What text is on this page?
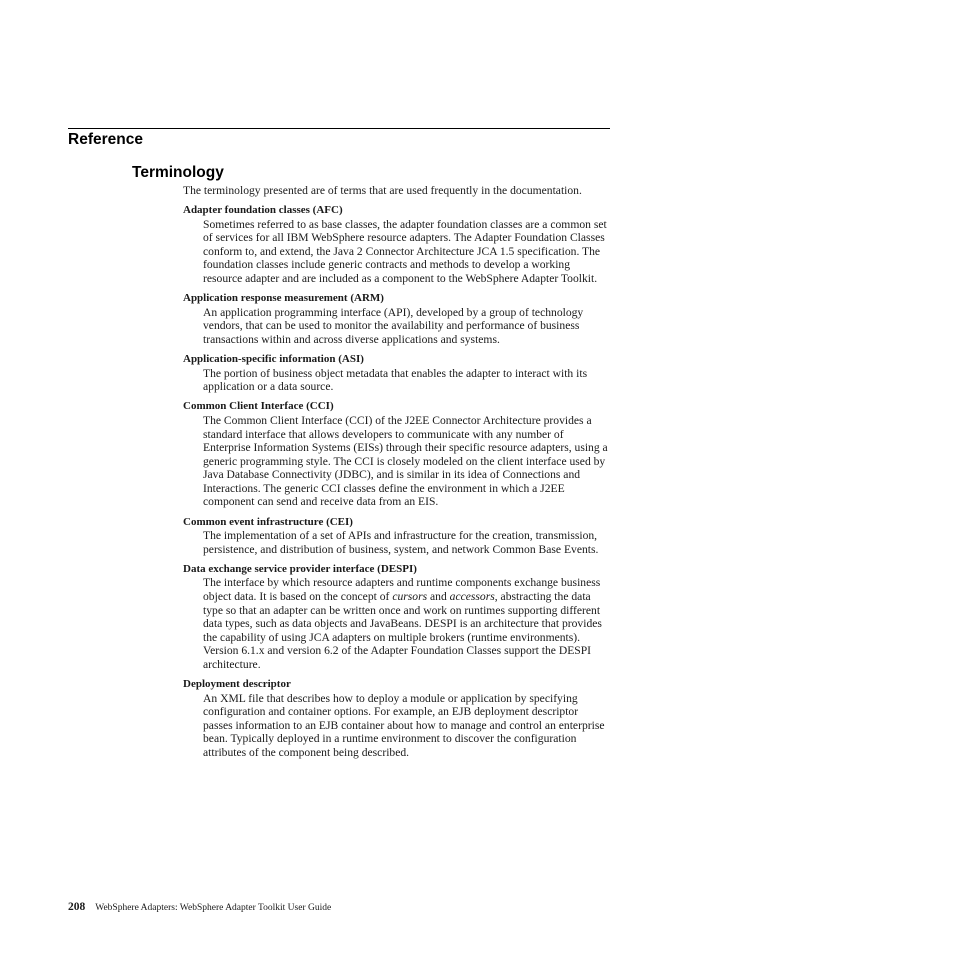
Reference
Terminology

The terminology presented are of terms that are used frequently in the documentation.

Adapter foundation classes (AFC)
Sometimes referred to as base classes, the adapter foundation classes are a common set of services for all IBM WebSphere resource adapters. The Adapter Foundation Classes conform to, and extend, the Java 2 Connector Architecture JCA 1.5 specification. The foundation classes include generic contracts and methods to develop a working resource adapter and are included as a component to the WebSphere Adapter Toolkit.
Application response measurement (ARM)
An application programming interface (API), developed by a group of technology vendors, that can be used to monitor the availability and performance of business transactions within and across diverse applications and systems.
Application-specific information (ASI)
The portion of business object metadata that enables the adapter to interact with its application or a data source.
Common Client Interface (CCI)
The Common Client Interface (CCI) of the J2EE Connector Architecture provides a standard interface that allows developers to communicate with any number of Enterprise Information Systems (EISs) through their specific resource adapters, using a generic programming style. The CCI is closely modeled on the client interface used by Java Database Connectivity (JDBC), and is similar in its idea of Connections and Interactions. The generic CCI classes define the environment in which a J2EE component can send and receive data from an EIS.
Common event infrastructure (CEI)
The implementation of a set of APIs and infrastructure for the creation, transmission, persistence, and distribution of business, system, and network Common Base Events.
Data exchange service provider interface (DESPI)
The interface by which resource adapters and runtime components exchange business object data. It is based on the concept of cursors and accessors, abstracting the data type so that an adapter can be written once and work on runtimes supporting different data types, such as data objects and JavaBeans. DESPI is an architecture that provides the capability of using JCA adapters on multiple brokers (runtime environments). Version 6.1.x and version 6.2 of the Adapter Foundation Classes support the DESPI architecture.
Deployment descriptor
An XML file that describes how to deploy a module or application by specifying configuration and container options. For example, an EJB deployment descriptor passes information to an EJB container about how to manage and control an enterprise bean. Typically deployed in a runtime environment to discover the configuration attributes of the component being described.
208 WebSphere Adapters: WebSphere Adapter Toolkit User Guide
